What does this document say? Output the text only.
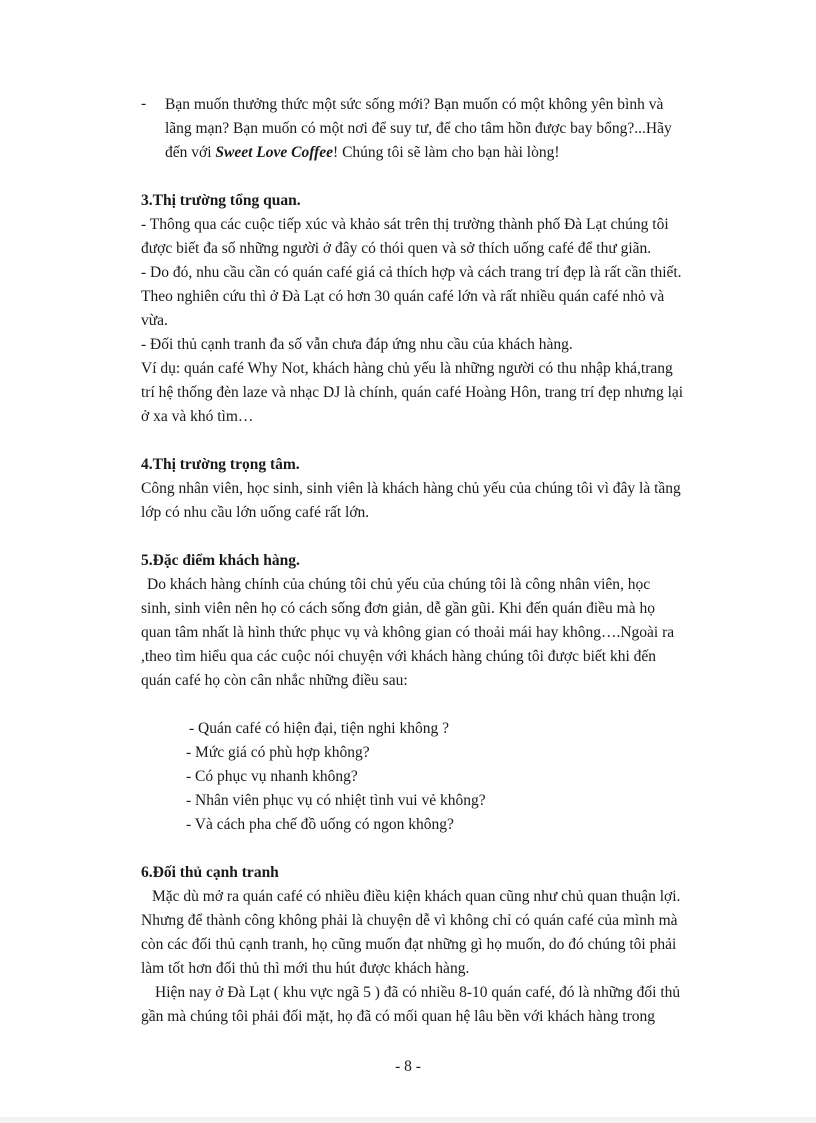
- Bạn muốn thưởng thức một sức sống mới? Bạn muốn có một không yên bình và
lãng mạn? Bạn muốn có một nơi để suy tư, để cho tâm hồn được bay bổng?...Hãy
đến với Sweet Love Coffee! Chúng tôi sẽ làm cho bạn hài lòng!
3.Thị trường tổng quan.
- Thông qua các cuộc tiếp xúc và khảo sát trên thị trường thành phố Đà Lạt chúng tôi
được biết đa số những người ở đây có thói quen và sở thích uống café để thư giãn.
- Do đó, nhu cầu cần có quán café giá cả thích hợp và cách trang trí đẹp là rất cần thiết.
Theo nghiên cứu thì ở Đà Lạt có hơn 30 quán café lớn và rất nhiều quán café nhỏ và
vừa.
- Đối thủ cạnh tranh đa số vẫn chưa đáp ứng nhu cầu của khách hàng.
Ví dụ: quán café Why Not, khách hàng chủ yếu là những người có thu nhập khá,trang
trí hệ thống đèn laze và nhạc DJ là chính, quán café Hoàng Hôn, trang trí đẹp nhưng lại
ở xa và khó tìm…
4.Thị trường trọng tâm.
Công nhân viên, học sinh, sinh viên là khách hàng chủ yếu của chúng tôi vì đây là tầng
lớp có nhu cầu lớn uống café rất lớn.
5.Đặc điểm khách hàng.
Do khách hàng chính của chúng tôi chủ yếu của chúng tôi là công nhân viên, học
sinh, sinh viên nên họ có cách sống đơn giản, dễ gần gũi. Khi đến quán điều mà họ
quan tâm nhất là hình thức phục vụ và không gian có thoải mái hay không….Ngoài ra
,theo tìm hiểu qua các cuộc nói chuyện với khách hàng chúng tôi được biết khi đến
quán café họ còn cân nhắc những điều sau:
- Quán café có hiện đại, tiện nghi không ?
- Mức giá có phù hợp không?
- Có phục vụ nhanh không?
- Nhân viên phục vụ có nhiệt tình vui vẻ không?
- Và cách pha chế đồ uống có ngon không?
6.Đối thủ cạnh tranh
Mặc dù mở ra quán café có nhiều điều kiện khách quan cũng như chủ quan thuận lợi.
Nhưng để thành công không phải là chuyện dễ vì không chỉ có quán café của mình mà
còn các đối thủ cạnh tranh, họ cũng muốn đạt những gì họ muốn, do đó chúng tôi phải
làm tốt hơn đối thủ thì mới thu hút được khách hàng.
Hiện nay ở Đà Lạt ( khu vực ngã 5 ) đã có nhiều 8-10 quán café, đó là những đối thủ
gần mà chúng tôi phải đối mặt, họ đã có mối quan hệ lâu bền với khách hàng trong
- 8 -
